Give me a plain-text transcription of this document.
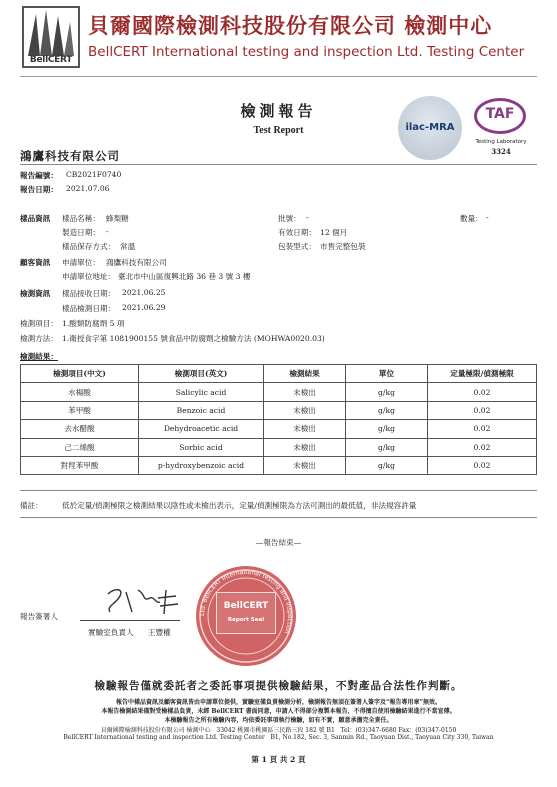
BellCERT
貝爾國際檢測科技股份有限公司 檢測中心
BellCERT International testing and inspection Ltd. Testing Center
檢測報告
Test Report	ilac-MRA
TAF
Testing Laboratory
3324
鴻鷹科技有限公司
報告編號： CB2021F0740
報告日期： 2021.07.06
樣品資訊 樣品名稱： 蜂梨糖	批號： -	數量： -
製造日期： -	有效日期： 12 個月
樣品保存方式： 常溫	包裝型式： 市售完整包裝
顧客資訊 申請單位： 鴻鷹科技有限公司
申請單位地址： 臺北市中山區復興北路 36 巷 3 號 3 樓
檢測資訊 樣品接收日期： 2021.06.25
樣品檢測日期： 2021.06.29
檢測項目： 1.酸類防腐劑 5 項
檢測方法： 1.衛授食字第 1081900155 號食品中防腐劑之檢驗方法 (MOHWA0020.03)
檢測結果：
檢測項目(中文)	檢測項目(英文)	檢測結果	單位	定量極限/偵測極限
水楊酸	Salicylic acid	未檢出	g/kg	0.02
苯甲酸	Benzoic acid	未檢出	g/kg	0.02
去水醋酸	Dehydroacetic acid	未檢出	g/kg	0.02
己二烯酸	Sorbic acid	未檢出	g/kg	0.02
對羥苯甲酸	p-hydroxybenzoic acid	未檢出	g/kg	0.02
備註：	低於定量/偵測極限之檢測結果以陰性或未檢出表示，定量/偵測極限為方法可測出的最低值，非法規容許量
—報告結束—
報告簽署人
實驗室負責人 王豐權
Ltd. BellCERT International testing and inspection
BellCERT
Report Seal
檢驗報告僅就委託者之委託事項提供檢驗結果，不對產品合法性作判斷。
報告中樣品資訊及顧客資訊皆由申請單位提供，實驗室僅負責檢測分析，檢測報告無須在簽署人簽字及“報告專用章”無效。
本報告檢測結果僅對受檢樣品負責，未經 BellCERT 書面同意，申請人不得部分複製本報告，不得擅自使用檢驗結果進行不當宣傳。
本檢驗報告之所有檢驗內容，均依委託事項執行檢驗，如有不實，願意承擔完全責任。
貝爾國際檢測科技股份有限公司 檢測中心 33042 桃園市桃園區三民路三段 182 號 B1 Tel：(03)347-6680 Fax：(03)347-0150
BellCERT International testing and inspection Ltd. Testing Center B1, No.182, Sec. 3, Sanmin Rd., Taoyuan Dist., Taoyuan City 330, Taiwan
第 1 頁 共 2 頁
